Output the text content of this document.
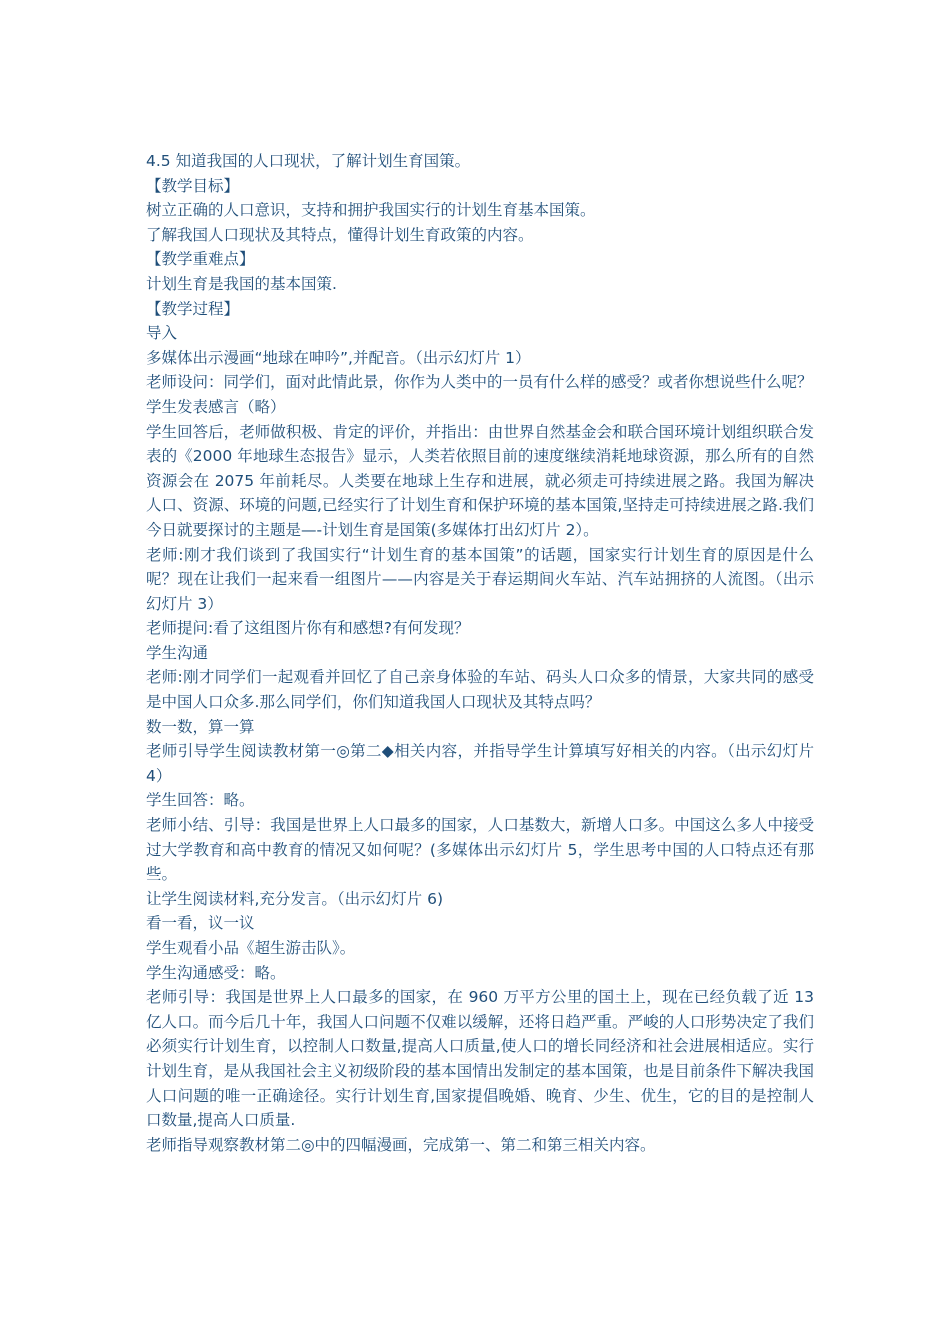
4.5 知道我国的人口现状，了解计划生育国策。

【教学目标】

树立正确的人口意识，支持和拥护我国实行的计划生育基本国策。

了解我国人口现状及其特点，懂得计划生育政策的内容。

【教学重难点】

计划生育是我国的基本国策.

【教学过程】

导入

多媒体出示漫画“地球在呻吟”,并配音。（出示幻灯片 1）

老师设问：同学们，面对此情此景，你作为人类中的一员有什么样的感受？或者你想说些什么呢？

学生发表感言（略）

学生回答后，老师做积极、肯定的评价，并指出：由世界自然基金会和联合国环境计划组织联合发表的《2000 年地球生态报告》显示，人类若依照目前的速度继续消耗地球资源，那么所有的自然资源会在 2075 年前耗尽。人类要在地球上生存和进展，就必须走可持续进展之路。我国为解决人口、资源、环境的问题,已经实行了计划生育和保护环境的基本国策,坚持走可持续进展之路.我们今日就要探讨的主题是—-计划生育是国策(多媒体打出幻灯片 2）。

老师:刚才我们谈到了我国实行“计划生育的基本国策”的话题，国家实行计划生育的原因是什么呢？现在让我们一起来看一组图片——内容是关于春运期间火车站、汽车站拥挤的人流图。（出示幻灯片 3）

老师提问:看了这组图片你有和感想?有何发现？

学生沟通

老师:刚才同学们一起观看并回忆了自己亲身体验的车站、码头人口众多的情景，大家共同的感受是中国人口众多.那么同学们，你们知道我国人口现状及其特点吗？

数一数，算一算

老师引导学生阅读教材第一◎第二◆相关内容，并指导学生计算填写好相关的内容。（出示幻灯片 4）

学生回答：略。

老师小结、引导：我国是世界上人口最多的国家，人口基数大，新增人口多。中国这么多人中接受过大学教育和高中教育的情况又如何呢？(多媒体出示幻灯片 5，学生思考中国的人口特点还有那些。

让学生阅读材料,充分发言。（出示幻灯片 6)

看一看，议一议

学生观看小品《超生游击队》。

学生沟通感受：略。

老师引导：我国是世界上人口最多的国家，在 960 万平方公里的国土上，现在已经负载了近 13 亿人口。而今后几十年，我国人口问题不仅难以缓解，还将日趋严重。严峻的人口形势决定了我们必须实行计划生育，以控制人口数量,提高人口质量,使人口的增长同经济和社会进展相适应。实行计划生育，是从我国社会主义初级阶段的基本国情出发制定的基本国策，也是目前条件下解决我国人口问题的唯一正确途径。实行计划生育,国家提倡晚婚、晚育、少生、优生，它的目的是控制人口数量,提高人口质量.

老师指导观察教材第二◎中的四幅漫画，完成第一、第二和第三相关内容。
